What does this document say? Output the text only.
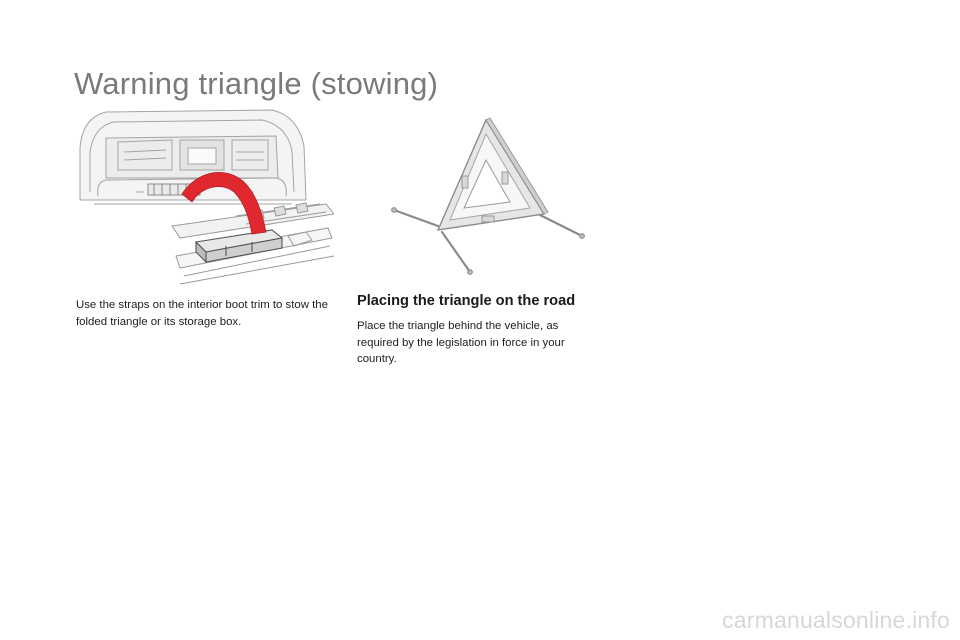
Warning triangle (stowing)

Use the straps on the interior boot trim to stow the folded triangle or its storage box.

Placing the triangle on the road

Place the triangle behind the vehicle, as required by the legislation in force in your country.

carmanualsonline.info
